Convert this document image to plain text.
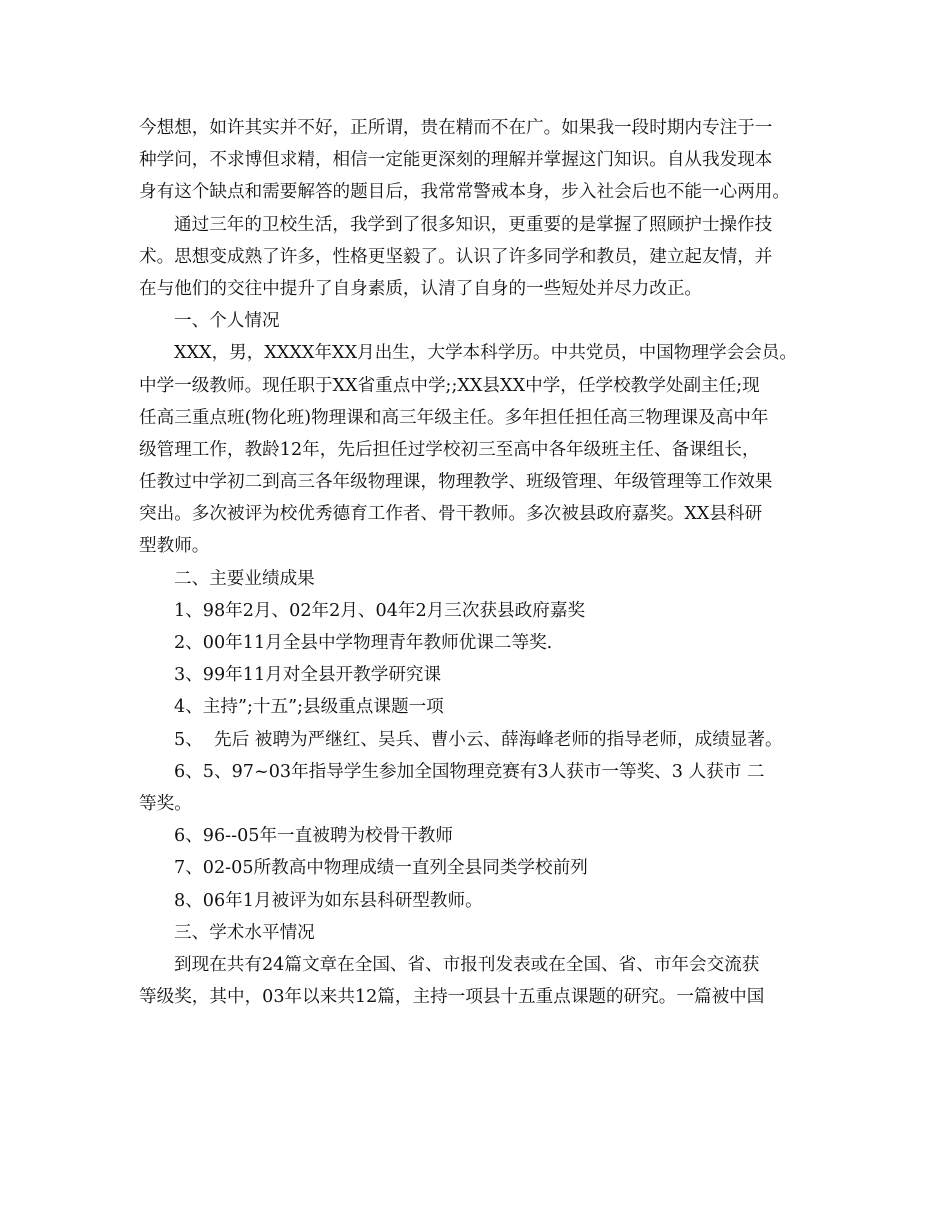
今想想，如许其实并不好，正所谓，贵在精而不在广。如果我一段时期内专注于一
种学问，不求博但求精，相信一定能更深刻的理解并掌握这门知识。自从我发现本
身有这个缺点和需要解答的题目后，我常常警戒本身，步入社会后也不能一心两用。
通过三年的卫校生活，我学到了很多知识，更重要的是掌握了照顾护士操作技
术。思想变成熟了许多，性格更坚毅了。认识了许多同学和教员，建立起友情，并
在与他们的交往中提升了自身素质，认清了自身的一些短处并尽力改正。
一、个人情况
XXX，男，XXXX年XX月出生，大学本科学历。中共党员，中国物理学会会员。
中学一级教师。现任职于XX省重点中学;;XX县XX中学，任学校教学处副主任;现
任高三重点班(物化班)物理课和高三年级主任。多年担任担任高三物理课及高中年
级管理工作，教龄12年，先后担任过学校初三至高中各年级班主任、备课组长，
任教过中学初二到高三各年级物理课，物理教学、班级管理、年级管理等工作效果
突出。多次被评为校优秀德育工作者、骨干教师。多次被县政府嘉奖。XX县科研
型教师。
二、主要业绩成果
1、98年2月、02年2月、04年2月三次获县政府嘉奖
2、00年11月全县中学物理青年教师优课二等奖.
3、99年11月对全县开教学研究课
4、主持”;十五”;县级重点课题一项
5、  先后 被聘为严继红、吴兵、曹小云、薛海峰老师的指导老师，成绩显著。
6、5、97~03年指导学生参加全国物理竞赛有3人获市一等奖、3 人获市 二
等奖。
6、96--05年一直被聘为校骨干教师
7、02-05所教高中物理成绩一直列全县同类学校前列
8、06年1月被评为如东县科研型教师。
三、学术水平情况
到现在共有24篇文章在全国、省、市报刊发表或在全国、省、市年会交流获
等级奖，其中，03年以来共12篇，主持一项县十五重点课题的研究。一篇被中国
